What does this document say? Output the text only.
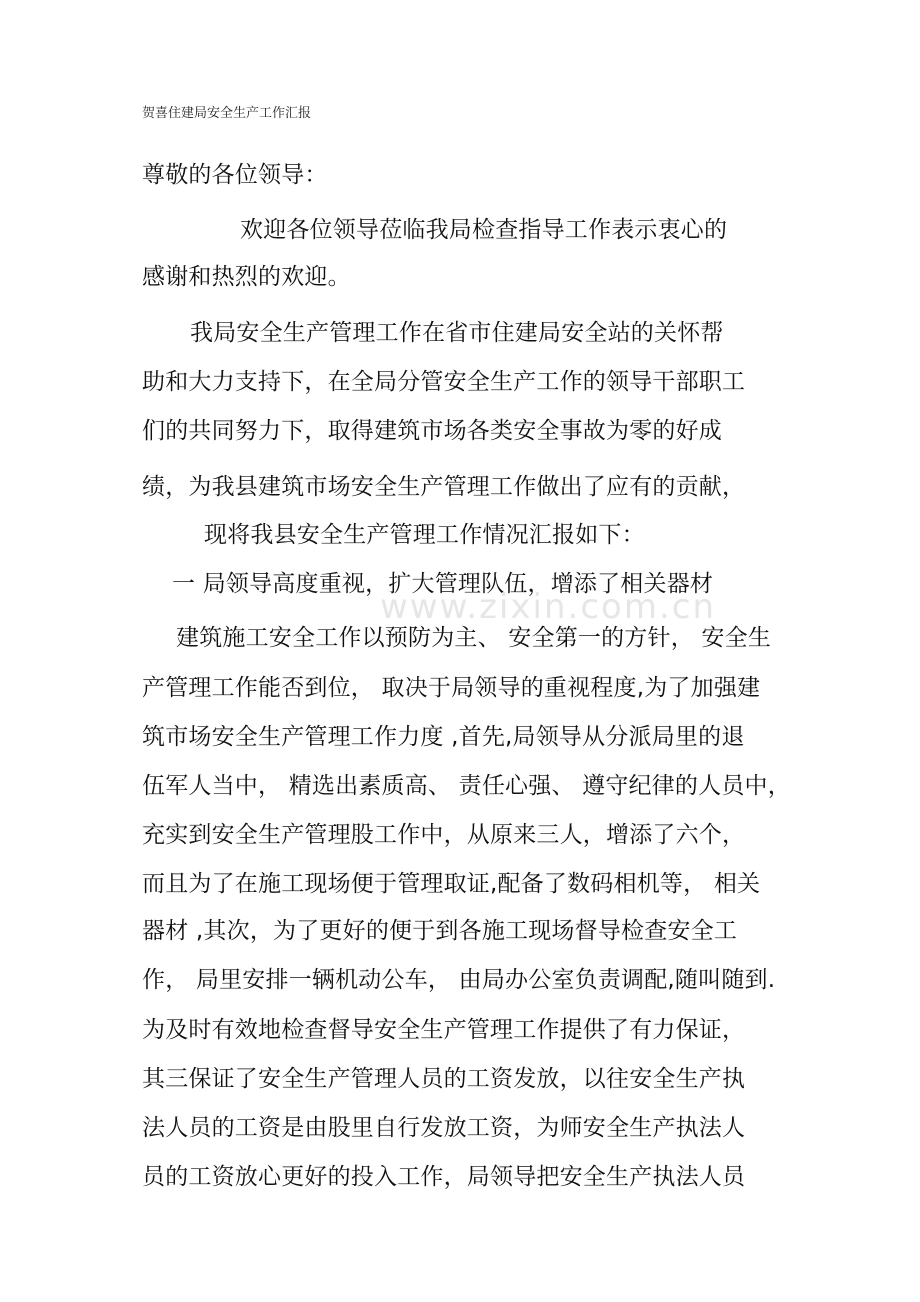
贺喜住建局安全生产工作汇报
www.zixin.com.cn
尊敬的各位领导：
欢迎各位领导莅临我局检查指导工作表示衷心的
感谢和热烈的欢迎。
我局安全生产管理工作在省市住建局安全站的关怀帮
助和大力支持下，在全局分管安全生产工作的领导干部职工
们的共同努力下，取得建筑市场各类安全事故为零的好成
绩，为我县建筑市场安全生产管理工作做出了应有的贡献，
现将我县安全生产管理工作情况汇报如下：
一 局领导高度重视，扩大管理队伍，增添了相关器材
建筑施工安全工作以预防为主、 安全第一的方针， 安全生
产管理工作能否到位， 取决于局领导的重视程度,为了加强建
筑市场安全生产管理工作力度 ,首先,局领导从分派局里的退
伍军人当中， 精选出素质高、 责任心强、 遵守纪律的人员中，
充实到安全生产管理股工作中，从原来三人，增添了六个，
而且为了在施工现场便于管理取证,配备了数码相机等， 相关
器材 ,其次，为了更好的便于到各施工现场督导检查安全工
作， 局里安排一辆机动公车， 由局办公室负责调配,随叫随到.
为及时有效地检查督导安全生产管理工作提供了有力保证，
其三保证了安全生产管理人员的工资发放，以往安全生产执
法人员的工资是由股里自行发放工资，为师安全生产执法人
员的工资放心更好的投入工作，局领导把安全生产执法人员
